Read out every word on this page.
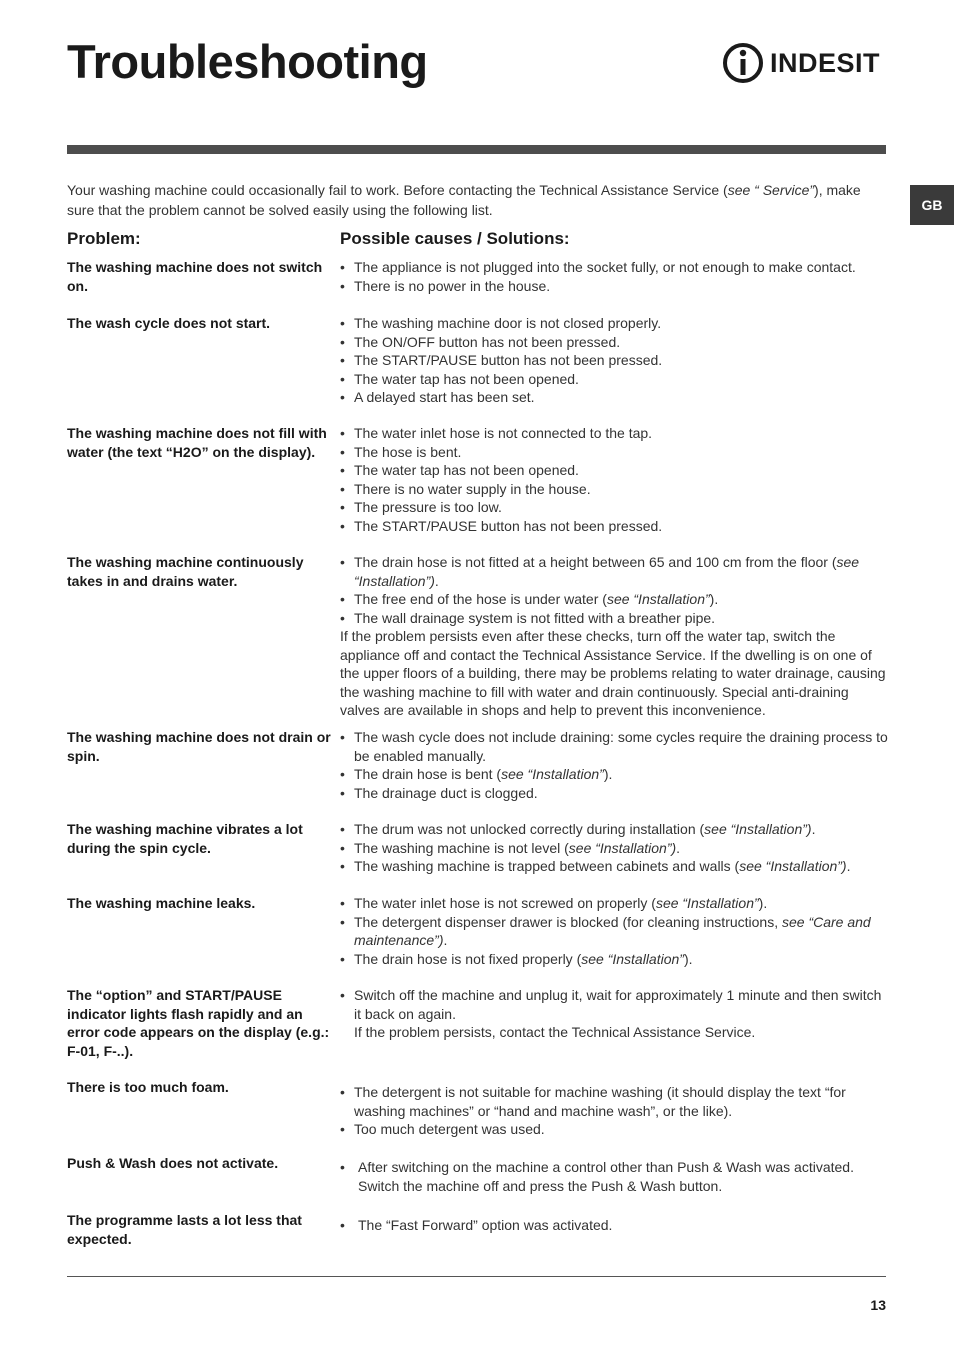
Troubleshooting	INDESIT
GB

Your washing machine could occasionally fail to work. Before contacting the Technical Assistance Service (see “ Service”), make sure that the problem cannot be solved easily using the following list.

Problem:	Possible causes / Solutions:
The washing machine does not switch on.
• The appliance is not plugged into the socket fully, or not enough to make contact.
• There is no power in the house.
The wash cycle does not start.	• The washing machine door is not closed properly.
• The ON/OFF button has not been pressed.
• The START/PAUSE button has not been pressed.
• The water tap has not been opened.
• A delayed start has been set.
The washing machine does not fill with water (the text “H2O” on the display).
• The water inlet hose is not connected to the tap.
• The hose is bent.
• The water tap has not been opened.
• There is no water supply in the house.
• The pressure is too low.
• The START/PAUSE button has not been pressed.
The washing machine continuously takes in and drains water.
• The drain hose is not fitted at a height between 65 and 100 cm from the floor (see “Installation”).
• The free end of the hose is under water (see “Installation”).
• The wall drainage system is not fitted with a breather pipe.
If the problem persists even after these checks, turn off the water tap, switch the appliance off and contact the Technical Assistance Service. If the dwelling is on one of the upper floors of a building, there may be problems relating to water drainage, causing the washing machine to fill with water and drain continuously. Special anti-draining valves are available in shops and help to prevent this inconvenience.
The washing machine does not drain or spin.
• The wash cycle does not include draining: some cycles require the draining process to be enabled manually.
• The drain hose is bent (see “Installation”).
• The drainage duct is clogged.
The washing machine vibrates a lot during the spin cycle.
• The drum was not unlocked correctly during installation (see “Installation”).
• The washing machine is not level (see “Installation”).
• The washing machine is trapped between cabinets and walls (see “Installation”).
The washing machine leaks.	• The water inlet hose is not screwed on properly (see “Installation”).
• The detergent dispenser drawer is blocked (for cleaning instructions, see “Care and maintenance”).
• The drain hose is not fixed properly (see “Installation”).
The “option” and START/PAUSE indicator lights flash rapidly and an error code appears on the display (e.g.: F-01, F-..).
• Switch off the machine and unplug it, wait for approximately 1 minute and then switch it back on again.
If the problem persists, contact the Technical Assistance Service.
There is too much foam.	• The detergent is not suitable for machine washing (it should display the text “for washing machines” or “hand and machine wash”, or the like).
• Too much detergent was used.
Push & Wash does not activate.	• After switching on the machine a control other than Push & Wash was activated. Switch the machine off and press the Push & Wash button.
The programme lasts a lot less that expected.
• The “Fast Forward” option was activated.
13
